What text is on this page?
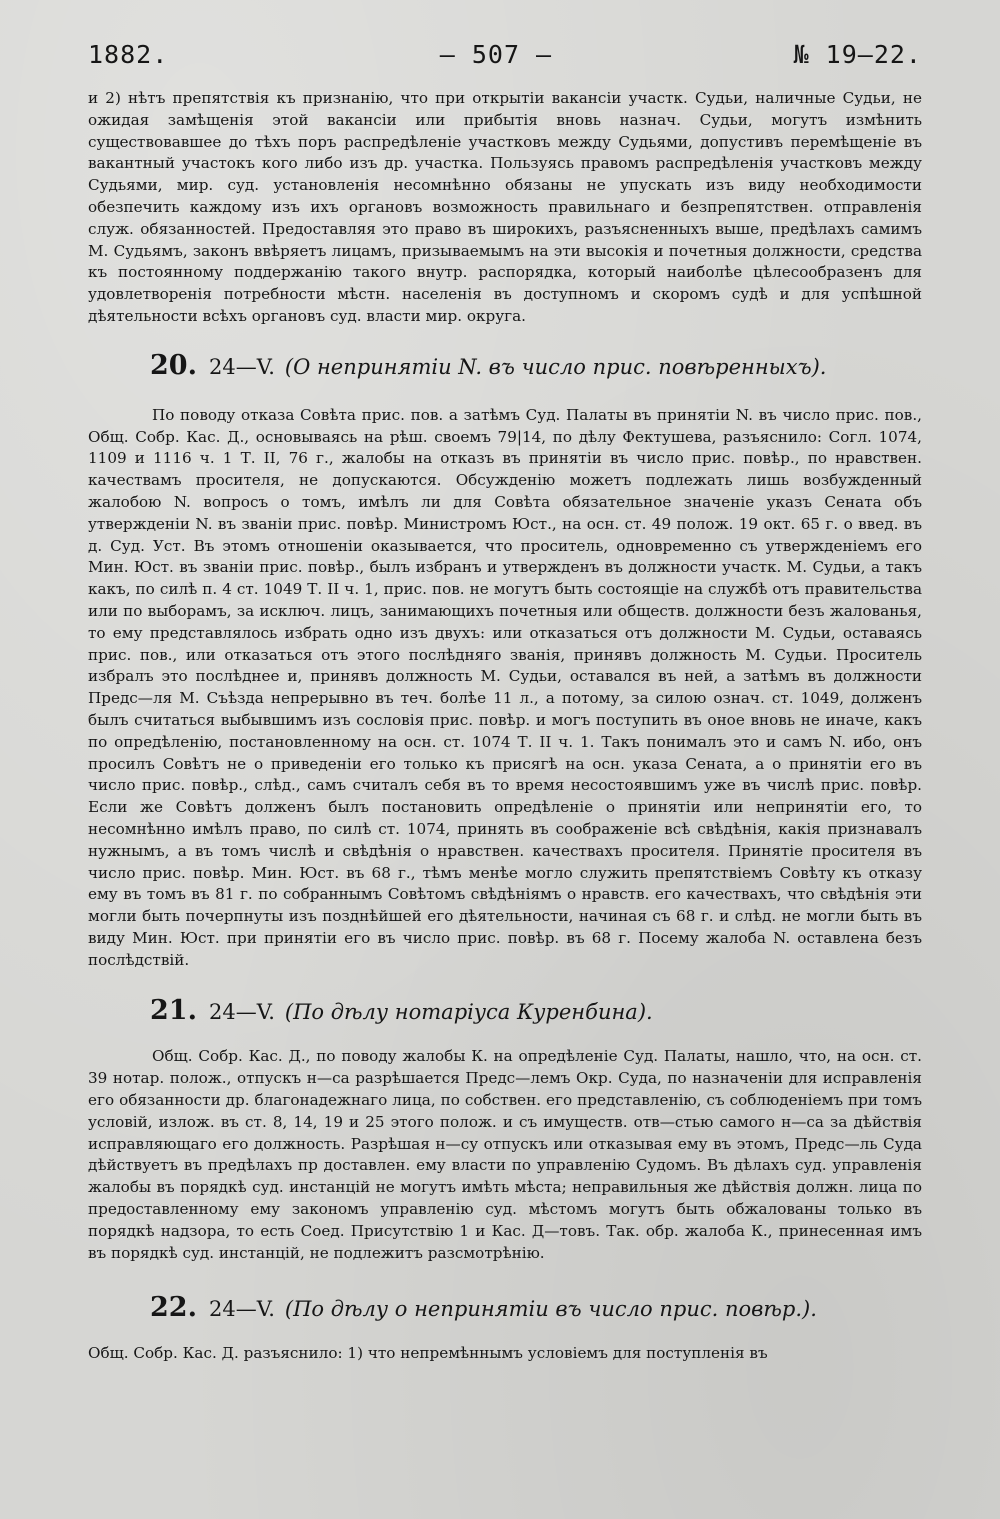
1882.	— 507 —	№ 19—22.

и 2) нѣтъ препятствія къ признанію, что при открытіи вакансіи участк. Судьи, наличные Судьи, не ожидая замѣщенія этой вакансіи или прибытія вновь назнач. Судьи, могутъ измѣнить существовавшее до тѣхъ поръ распредѣленіе участковъ между Судьями, допустивъ перемѣщеніе въ вакантный участокъ кого либо изъ др. участка. Пользуясь правомъ распредѣленія участковъ между Судьями, мир. суд. установленія несомнѣнно обязаны не упускать изъ виду необходимости обезпечить каждому изъ ихъ органовъ возможность правильнаго и безпрепятствен. отправленія служ. обязанностей. Предоставляя это право въ широкихъ, разъясненныхъ выше, предѣлахъ самимъ М. Судьямъ, законъ ввѣряетъ лицамъ, призываемымъ на эти высокія и почетныя должности, средства къ постоянному поддержанію такого внутр. распорядка, который наиболѣе цѣлесообразенъ для удовлетворенія потребности мѣстн. населенія въ доступномъ и скоромъ судѣ и для успѣшной дѣятельности всѣхъ органовъ суд. власти мир. округа.

20. 24—V. (О непринятіи N. въ число прис. повѣренныхъ).

По поводу отказа Совѣта прис. пов. а затѣмъ Суд. Палаты въ принятіи N. въ число прис. пов., Общ. Собр. Кас. Д., основываясь на рѣш. своемъ 79|14, по дѣлу Фектушева, разъяснило: Согл. 1074, 1109 и 1116 ч. 1 Т. II, 76 г., жалобы на отказъ въ принятіи въ число прис. повѣр., по нравствен. качествамъ просителя, не допускаются. Обсужденію можетъ подлежать лишь возбужденный жалобою N. вопросъ о томъ, имѣлъ ли для Совѣта обязательное значеніе указъ Сената объ утвержденіи N. въ званіи прис. повѣр. Министромъ Юст., на осн. ст. 49 полож. 19 окт. 65 г. о введ. въ д. Суд. Уст. Въ этомъ отношеніи оказывается, что проситель, одновременно съ утвержденіемъ его Мин. Юст. въ званіи прис. повѣр., былъ избранъ и утвержденъ въ должности участк. М. Судьи, а такъ какъ, по силѣ п. 4 ст. 1049 Т. II ч. 1, прис. пов. не могутъ быть состоящіе на службѣ отъ правительства или по выборамъ, за исключ. лицъ, занимающихъ почетныя или обществ. должности безъ жалованья, то ему представлялось избрать одно изъ двухъ: или отказаться отъ должности М. Судьи, оставаясь прис. пов., или отказаться отъ этого послѣдняго званія, принявъ должность М. Судьи. Проситель избралъ это послѣднее и, принявъ должность М. Судьи, оставался въ ней, а затѣмъ въ должности Предс—ля М. Съѣзда непрерывно въ теч. болѣе 11 л., а потому, за силою означ. ст. 1049, долженъ былъ считаться выбывшимъ изъ сословія прис. повѣр. и могъ поступить въ оное вновь не иначе, какъ по опредѣленію, постановленному на осн. ст. 1074 Т. II ч. 1. Такъ понималъ это и самъ N. ибо, онъ просилъ Совѣтъ не о приведеніи его только къ присягѣ на осн. указа Сената, а о принятіи его въ число прис. повѣр., слѣд., самъ считалъ себя въ то время несостоявшимъ уже въ числѣ прис. повѣр. Если же Совѣтъ долженъ былъ постановить опредѣленіе о принятіи или непринятіи его, то несомнѣнно имѣлъ право, по силѣ ст. 1074, принять въ соображеніе всѣ свѣдѣнія, какія признавалъ нужнымъ, а въ томъ числѣ и свѣдѣнія о нравствен. качествахъ просителя. Принятіе просителя въ число прис. повѣр. Мин. Юст. въ 68 г., тѣмъ менѣе могло служить препятствіемъ Совѣту къ отказу ему въ томъ въ 81 г. по собраннымъ Совѣтомъ свѣдѣніямъ о нравств. его качествахъ, что свѣдѣнія эти могли быть почерпнуты изъ позднѣйшей его дѣятельности, начиная съ 68 г. и слѣд. не могли быть въ виду Мин. Юст. при принятіи его въ число прис. повѣр. въ 68 г. Посему жалоба N. оставлена безъ послѣдствій.

21. 24—V. (По дѣлу нотаріуса Куренбина).

Общ. Собр. Кас. Д., по поводу жалобы К. на опредѣленіе Суд. Палаты, нашло, что, на осн. ст. 39 нотар. полож., отпускъ н—са разрѣшается Предс—лемъ Окр. Суда, по назначеніи для исправленія его обязанности др. благонадежнаго лица, по собствен. его представленію, съ соблюденіемъ при томъ условій, излож. въ ст. 8, 14, 19 и 25 этого полож. и съ имуществ. отв—стью самого н—са за дѣйствія исправляющаго его должность. Разрѣшая н—су отпускъ или отказывая ему въ этомъ, Предс—ль Суда дѣйствуетъ въ предѣлахъ пр доставлен. ему власти по управленію Судомъ. Въ дѣлахъ суд. управленія жалобы въ порядкѣ суд. инстанцій не могутъ имѣть мѣста; неправильныя же дѣйствія должн. лица по предоставленному ему закономъ управленію суд. мѣстомъ могутъ быть обжалованы только въ порядкѣ надзора, то есть Соед. Присутствію 1 и Кас. Д—товъ. Так. обр. жалоба К., принесенная имъ въ порядкѣ суд. инстанцій, не подлежитъ разсмотрѣнію.

22. 24—V. (По дѣлу о непринятіи въ число прис. повѣр.).

Общ. Собр. Кас. Д. разъяснило: 1) что непремѣннымъ условіемъ для поступленія въ
